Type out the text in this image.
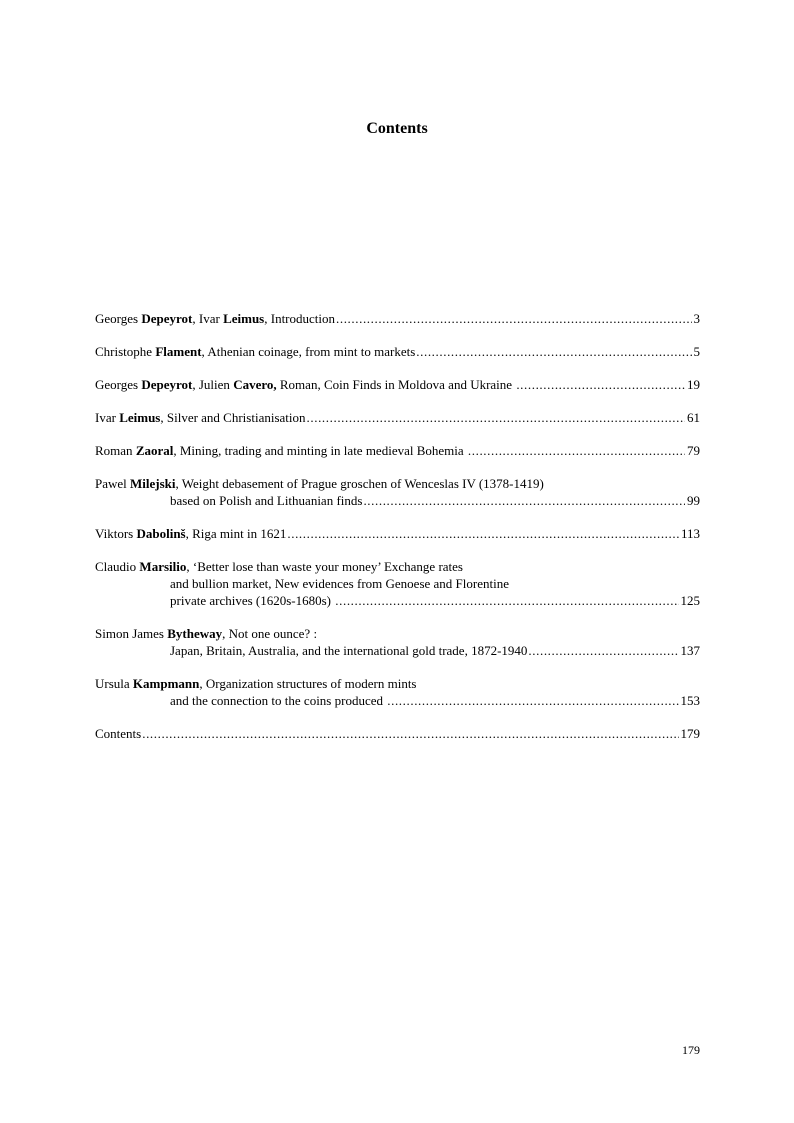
Contents
Georges Depeyrot, Ivar Leimus, Introduction .....	3
Christophe Flament, Athenian coinage, from mint to markets .....	5
Georges Depeyrot, Julien Cavero, Roman, Coin Finds in Moldova and Ukraine .....	19
Ivar Leimus, Silver and Christianisation .....	61
Roman Zaoral, Mining, trading and minting in late medieval Bohemia .....	79
Pawel Milejski, Weight debasement of Prague groschen of Wenceslas IV (1378-1419)
based on Polish and Lithuanian finds .....	99
Viktors Dabolinš, Riga mint in 1621 .....	113
Claudio Marsilio, ‘Better lose than waste your money’ Exchange rates
and bullion market, New evidences from Genoese and Florentine
private archives (1620s-1680s) .....	125
Simon James Bytheway, Not one ounce? :
Japan, Britain, Australia, and the international gold trade, 1872-1940 .....	137
Ursula Kampmann, Organization structures of modern mints
and the connection to the coins produced .....	153
Contents .....	179
179
